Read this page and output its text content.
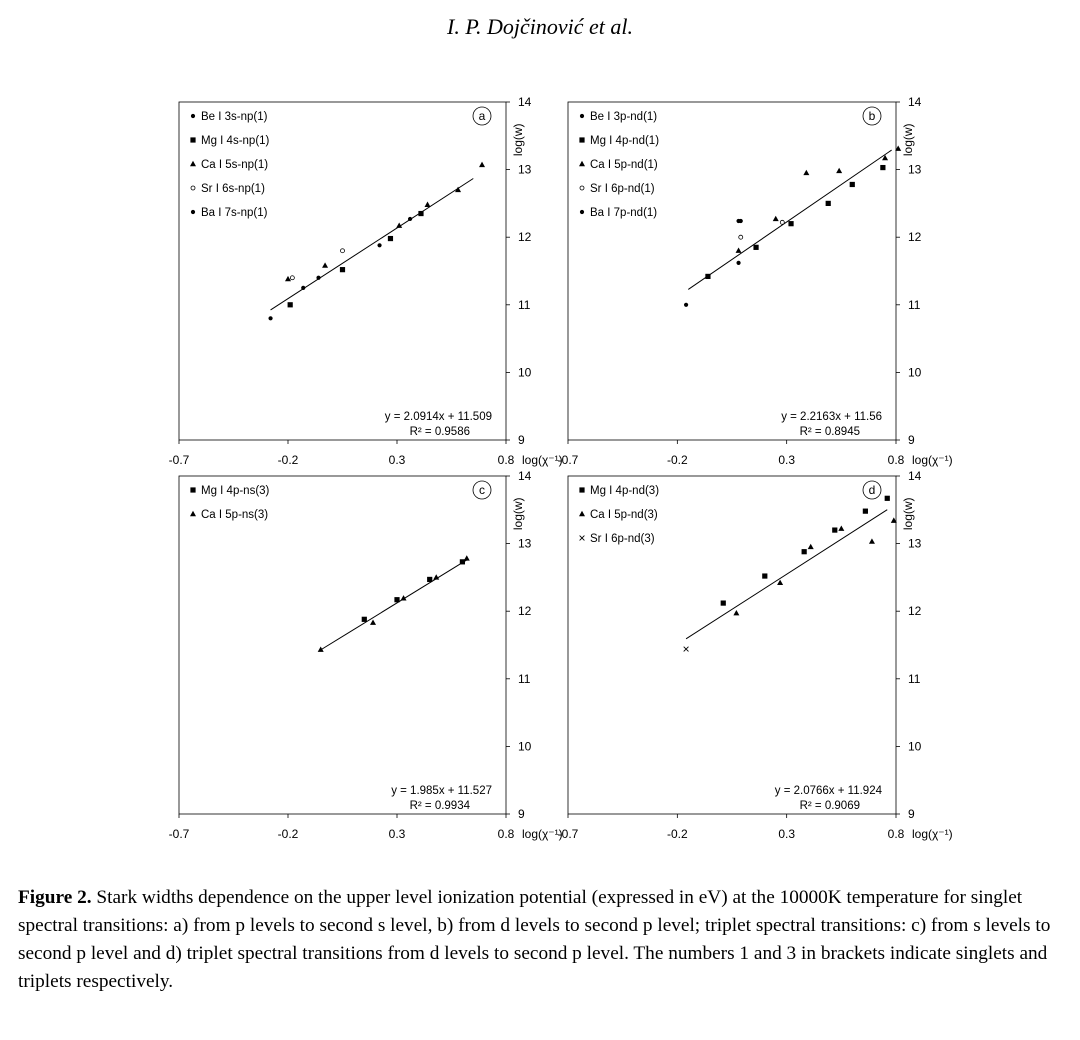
I. P. Dojčinović et al.
-0.7	-0.2	0.3	0.8 log(χ⁻¹)
9
10
11
12
13
14
log(w)
a
Be I 3s-np(1)
Mg I 4s-np(1)
Ca I 5s-np(1)
Sr I 6s-np(1)
Ba I 7s-np(1)
y = 2.0914x + 11.509
R² = 0.9586
-0.7	-0.2	0.3	0.8 log(χ⁻¹)
9
10
11
12
13
14
log(w)
b
Be I 3p-nd(1)
Mg I 4p-nd(1)
Ca I 5p-nd(1)
Sr I 6p-nd(1)
Ba I 7p-nd(1)
y = 2.2163x + 11.56
R² = 0.8945
-0.7	-0.2	0.3	0.8 log(χ⁻¹)
9
10
11
12
13
14
log(w)
c
Mg I 4p-ns(3)
Ca I 5p-ns(3)
y = 1.985x + 11.527
R² = 0.9934
-0.7	-0.2	0.3	0.8 log(χ⁻¹)
9
10
11
12
13
14
log(w)
d
Mg I 4p-nd(3)
Ca I 5p-nd(3)
Sr I 6p-nd(3)
y = 2.0766x + 11.924
R² = 0.9069
Figure 2. Stark widths dependence on the upper level ionization potential (expressed in eV) at the 10000K temperature for singlet spectral transitions: a) from p levels to second s level, b) from d levels to second p level; triplet spectral transitions: c) from s levels to second p level and d) triplet spectral transitions from d levels to second p level. The numbers 1 and 3 in brackets indicate singlets and triplets respectively.
